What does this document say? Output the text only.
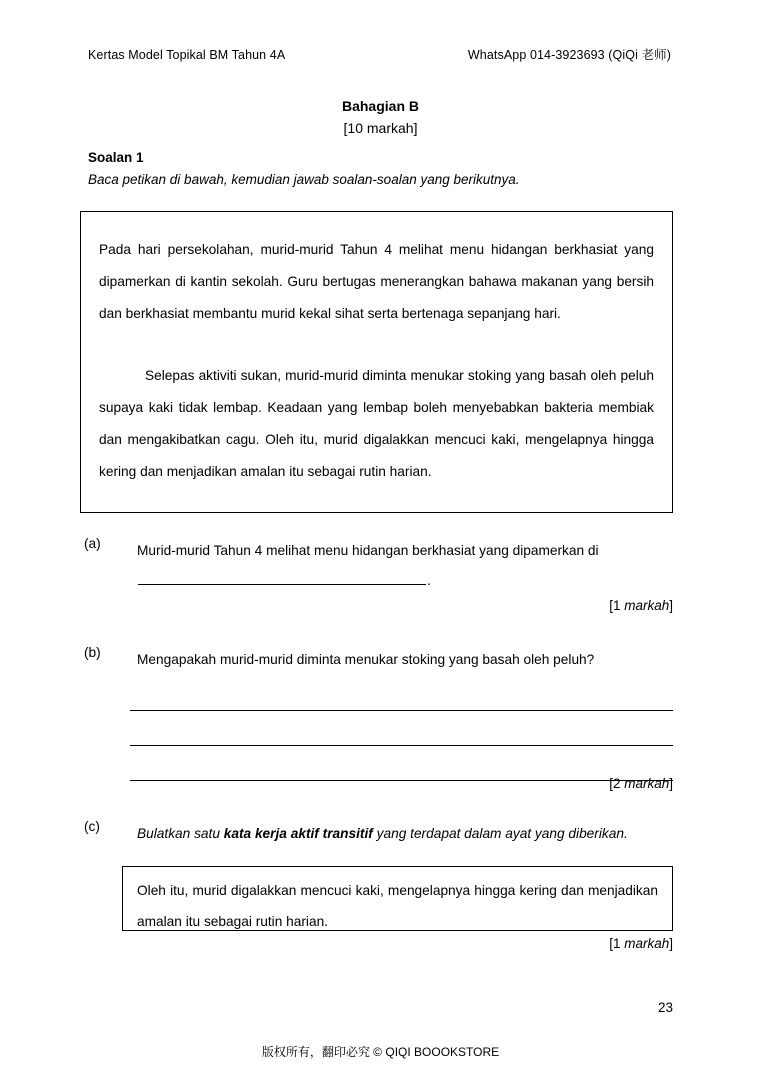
Kertas Model Topikal BM Tahun 4A	WhatsApp 014-3923693 (QiQi 老师)
Bahagian B
[10 markah]
Soalan 1
Baca petikan di bawah, kemudian jawab soalan-soalan yang berikutnya.

Pada hari persekolahan, murid-murid Tahun 4 melihat menu hidangan berkhasiat yang dipamerkan di kantin sekolah. Guru bertugas menerangkan bahawa makanan yang bersih dan berkhasiat membantu murid kekal sihat serta bertenaga sepanjang hari.

Selepas aktiviti sukan, murid-murid diminta menukar stoking yang basah oleh peluh supaya kaki tidak lembap. Keadaan yang lembap boleh menyebabkan bakteria membiak dan mengakibatkan cagu. Oleh itu, murid digalakkan mencuci kaki, mengelapnya hingga kering dan menjadikan amalan itu sebagai rutin harian.

(a)	Murid-murid Tahun 4 melihat menu hidangan berkhasiat yang dipamerkan di .
[1 markah]
(b)	Mengapakah murid-murid diminta menukar stoking yang basah oleh peluh?
[2 markah]
(c)	Bulatkan satu kata kerja aktif transitif yang terdapat dalam ayat yang diberikan.

Oleh itu, murid digalakkan mencuci kaki, mengelapnya hingga kering dan menjadikan amalan itu sebagai rutin harian.

[1 markah]
23
版权所有，翻印必究 © QIQI BOOOKSTORE
